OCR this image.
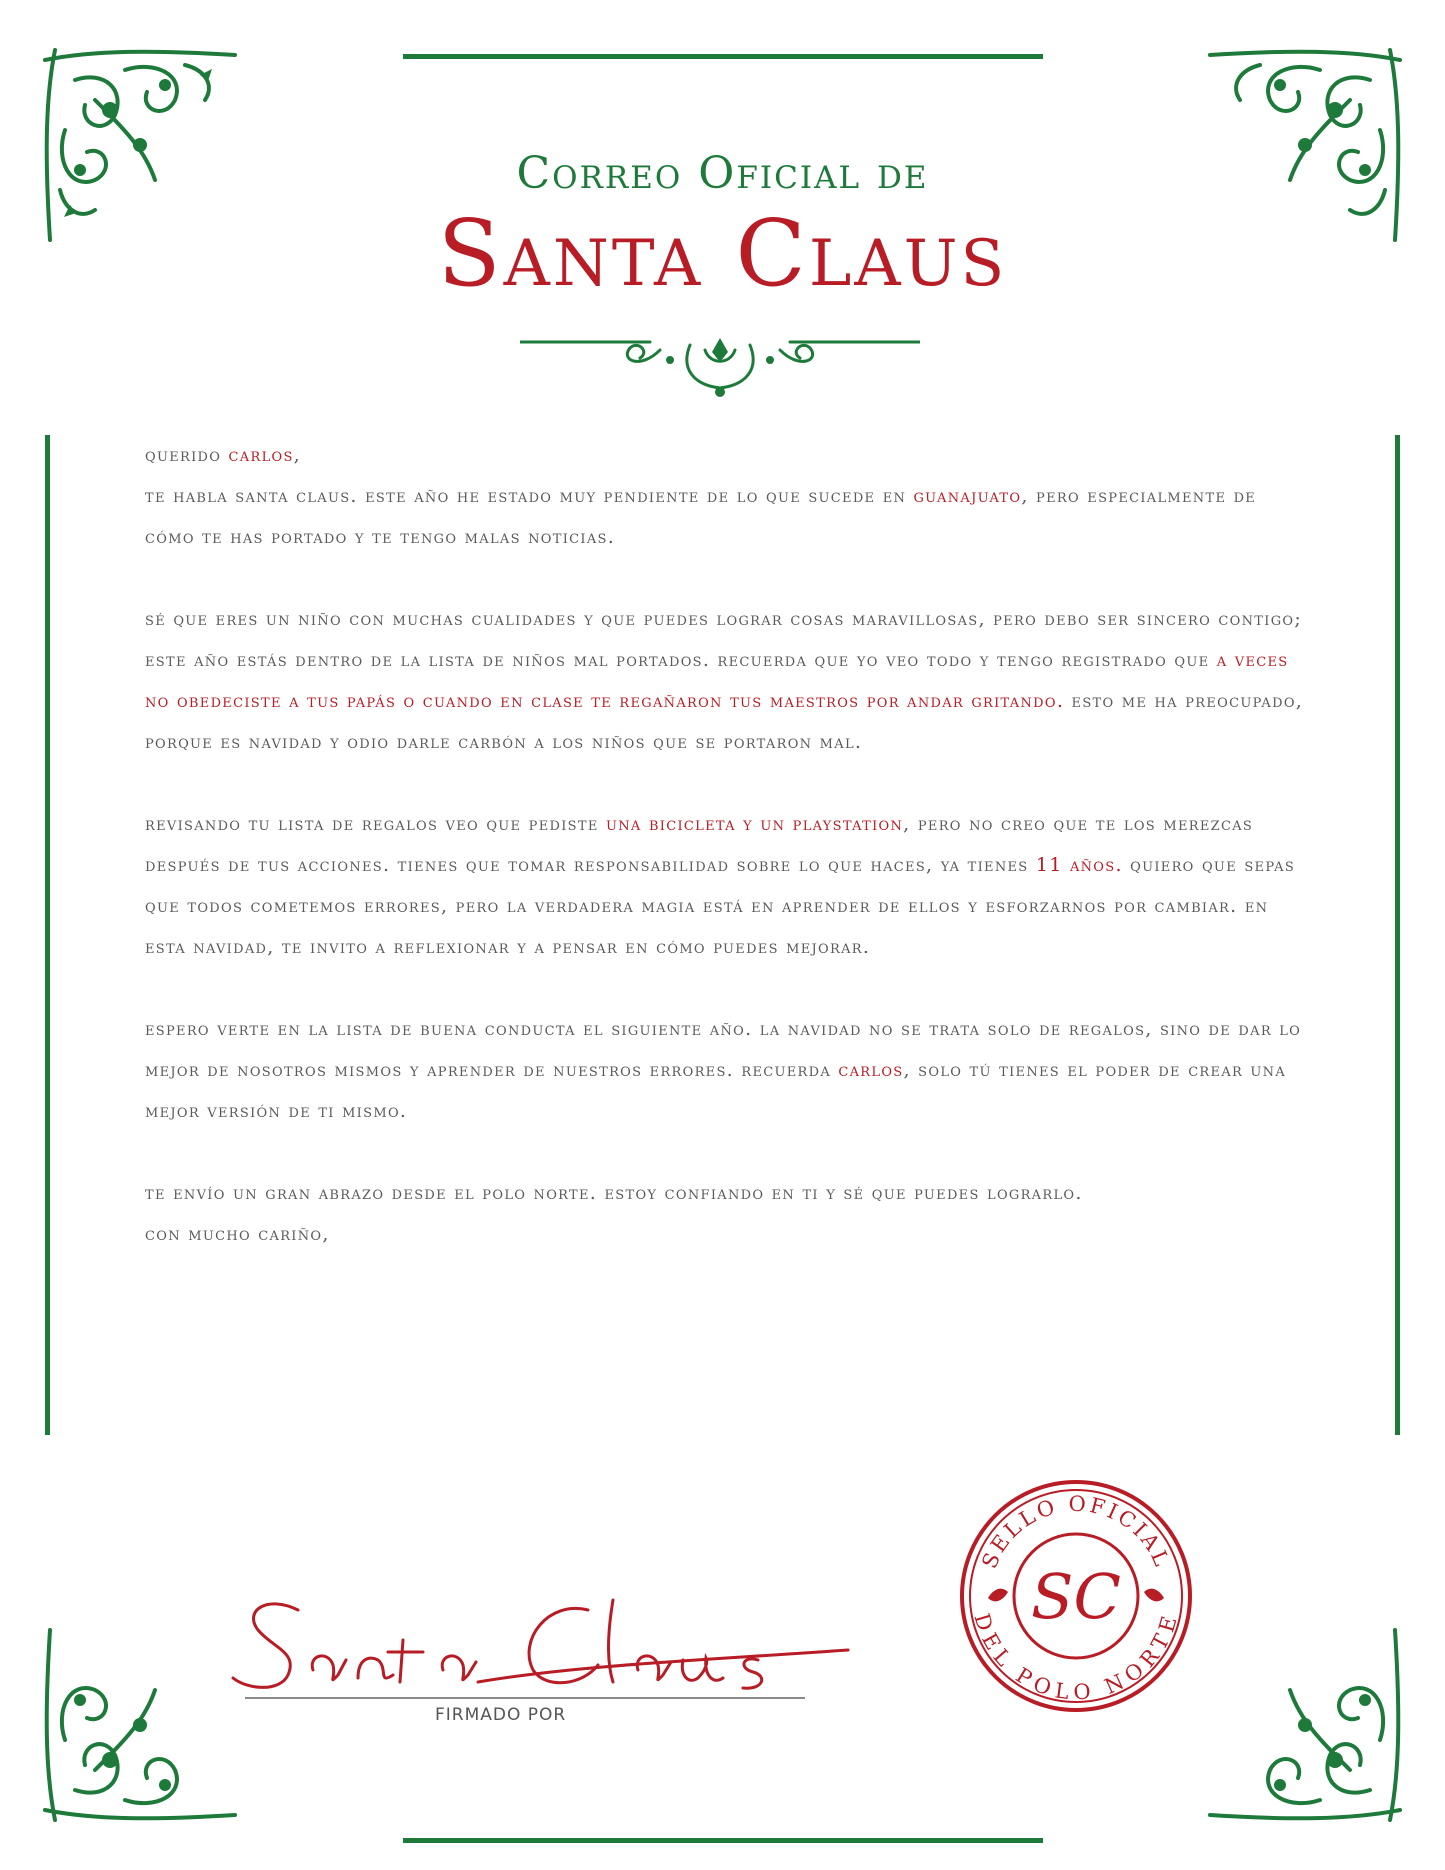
Correo Oficial de
Santa Claus

querido carlos,

te habla santa claus. este año he estado muy pendiente de lo que sucede en guanajuato, pero especialmente de cómo te has portado y te tengo malas noticias.

sé que eres un niño con muchas cualidades y que puedes lograr cosas maravillosas, pero debo ser sincero contigo; este año estás dentro de la lista de niños mal portados. recuerda que yo veo todo y tengo registrado que a veces no obedeciste a tus papás o cuando en clase te regañaron tus maestros por andar gritando. esto me ha preocupado, porque es navidad y odio darle carbón a los niños que se portaron mal.

revisando tu lista de regalos veo que pediste una bicicleta y un playstation, pero no creo que te los merezcas después de tus acciones. tienes que tomar responsabilidad sobre lo que haces, ya tienes 11 años. quiero que sepas que todos cometemos errores, pero la verdadera magia está en aprender de ellos y esforzarnos por cambiar. en esta navidad, te invito a reflexionar y a pensar en cómo puedes mejorar.

espero verte en la lista de buena conducta el siguiente año. la navidad no se trata solo de regalos, sino de dar lo mejor de nosotros mismos y aprender de nuestros errores. recuerda carlos, solo tú tienes el poder de crear una mejor versión de ti mismo.

te envío un gran abrazo desde el polo norte. estoy confiando en ti y sé que puedes lograrlo.

con mucho cariño,

Santa Claus
FIRMADO POR
SELLO OFICIAL
DEL POLO NORTE
SC
